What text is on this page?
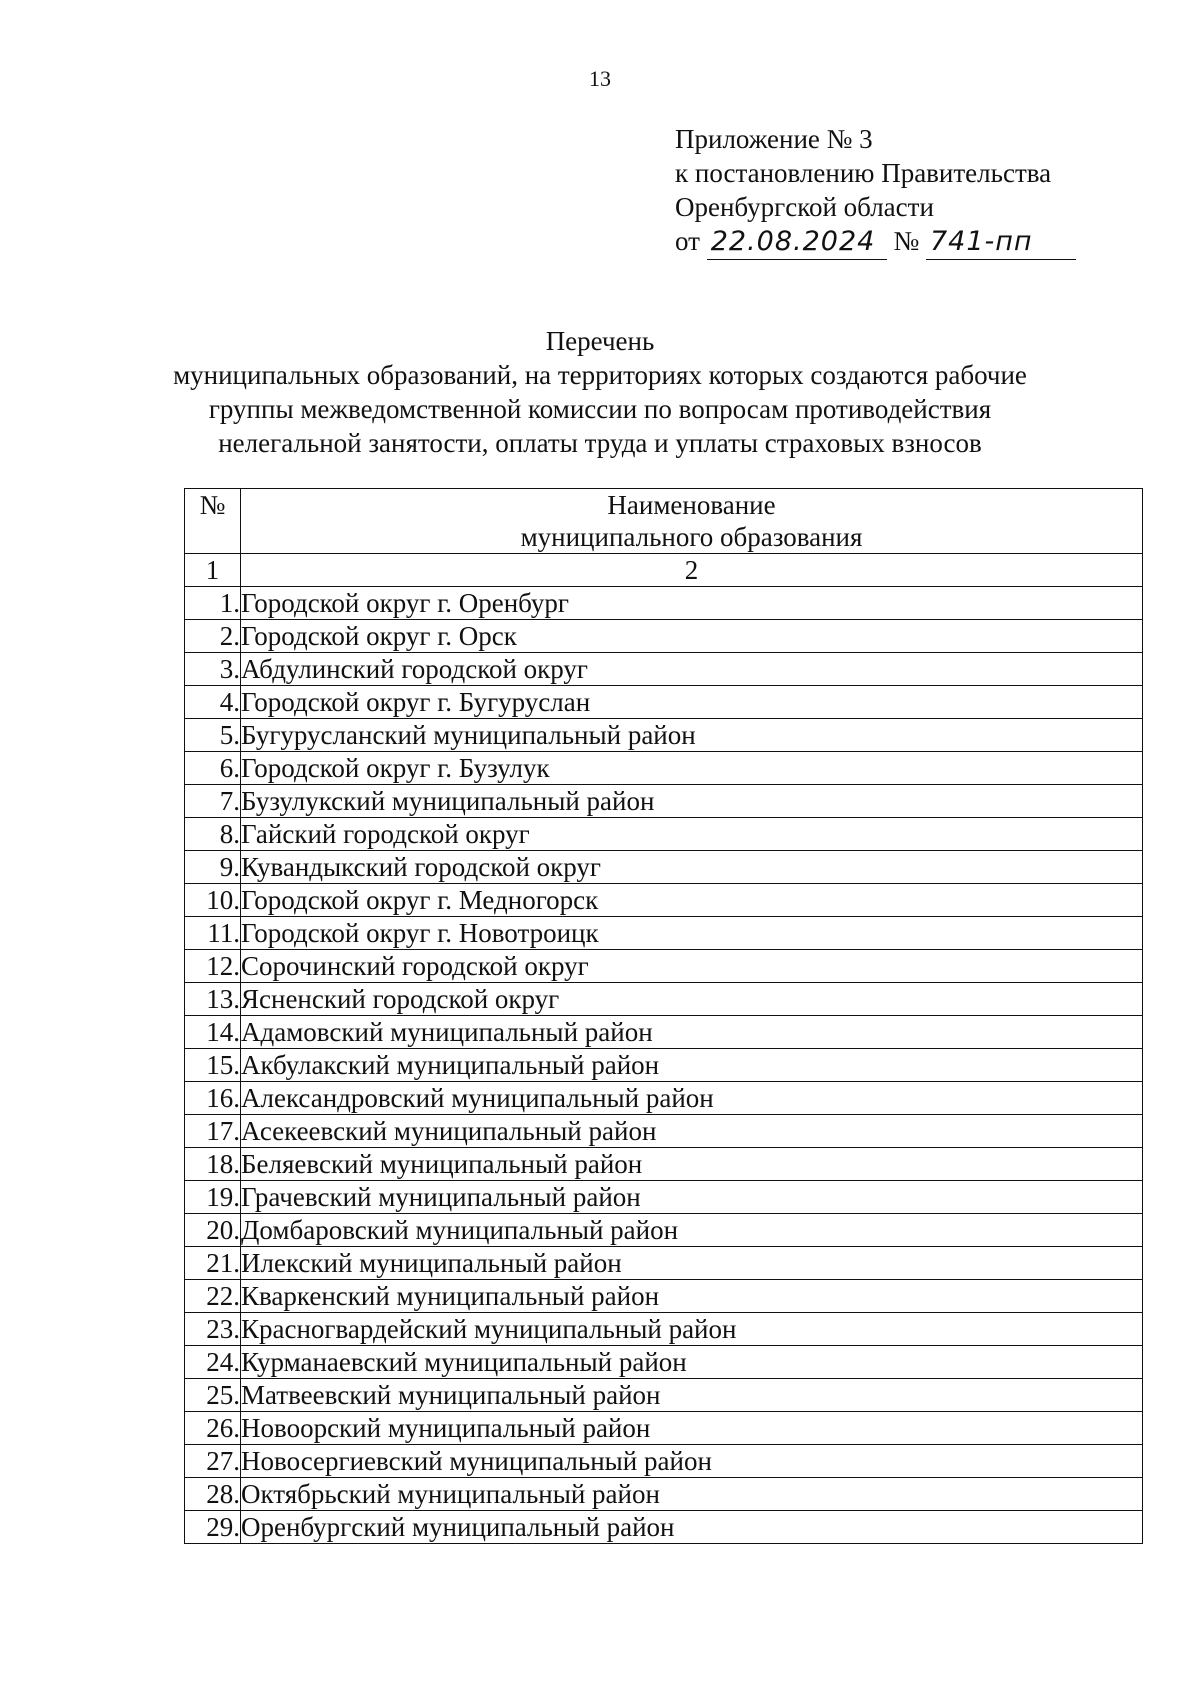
13
Приложение № 3
к постановлению Правительства
Оренбургской области
от 22.08.2024 № 741-пп
Перечень
муниципальных образований, на территориях которых создаются рабочие
группы межведомственной комиссии по вопросам противодействия
нелегальной занятости, оплаты труда и уплаты страховых взносов
№	Наименование
муниципального образования

1	2
1.	Городской округ г. Оренбург
2.	Городской округ г. Орск
3.	Абдулинский городской округ
4.	Городской округ г. Бугуруслан
5.	Бугурусланский муниципальный район
6.	Городской округ г. Бузулук
7.	Бузулукский муниципальный район
8.	Гайский городской округ
9.	Кувандыкский городской округ
10.	Городской округ г. Медногорск
11.	Городской округ г. Новотроицк
12.	Сорочинский городской округ
13.	Ясненский городской округ
14.	Адамовский муниципальный район
15.	Акбулакский муниципальный район
16.	Александровский муниципальный район
17.	Асекеевский муниципальный район
18.	Беляевский муниципальный район
19.	Грачевский муниципальный район
20.	Домбаровский муниципальный район
21.	Илекский муниципальный район
22.	Кваркенский муниципальный район
23.	Красногвардейский муниципальный район
24.	Курманаевский муниципальный район
25.	Матвеевский муниципальный район
26.	Новоорский муниципальный район
27.	Новосергиевский муниципальный район
28.	Октябрьский муниципальный район
29.	Оренбургский муниципальный район
